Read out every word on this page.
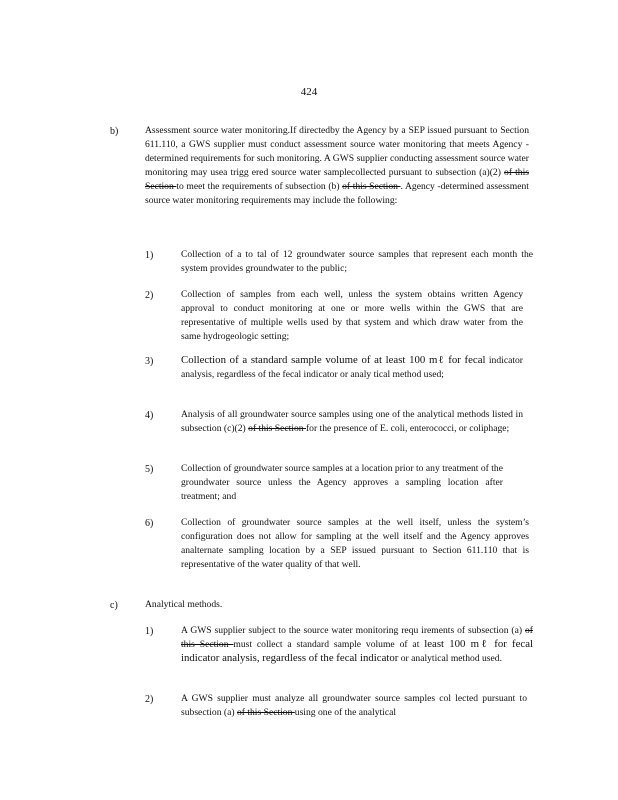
424
b)	Assessment source water monitoring.If directedby the Agency by a SEP issued pursuant to Section 611.110, a GWS supplier must conduct assessment source water monitoring that meets Agency -determined requirements for such monitoring. A GWS supplier conducting assessment source water monitoring may usea trigg ered source water samplecollected pursuant to subsection (a)(2) of this Section to meet the requirements of subsection (b) of this Section . Agency -determined assessment source water monitoring requirements may include the following:
1)	Collection of a to tal of 12 groundwater source samples that represent each month the system provides groundwater to the public;
2)	Collection of samples from each well, unless the system obtains written Agency approval to conduct monitoring at one or more wells within the GWS that are representative of multiple wells used by that system and which draw water from the same hydrogeologic setting;
3)	Collection of a standard sample volume of at least 100 mℓ for fecal indicator analysis, regardless of the fecal indicator or analy tical method used;
4)	Analysis of all groundwater source samples using one of the analytical methods listed in subsection (c)(2) of this Section for the presence of E. coli, enterococci, or coliphage;
5)	Collection of groundwater source samples at a location prior to any treatment of the groundwater source unless the Agency approves a sampling location after treatment; and
6)	Collection of groundwater source samples at the well itself, unless the system’s configuration does not allow for sampling at the well itself and the Agency approves analternate sampling location by a SEP issued pursuant to Section 611.110 that is representative of the water quality of that well.
c)	Analytical methods.
1)	A GWS supplier subject to the source water monitoring requ irements of subsection (a) of this Section must collect a standard sample volume of at least 100 mℓ for fecal indicator analysis, regardless of the fecal indicator or analytical method used.
2)	A GWS supplier must analyze all groundwater source samples col lected pursuant to subsection (a) of this Section using one of the analytical
